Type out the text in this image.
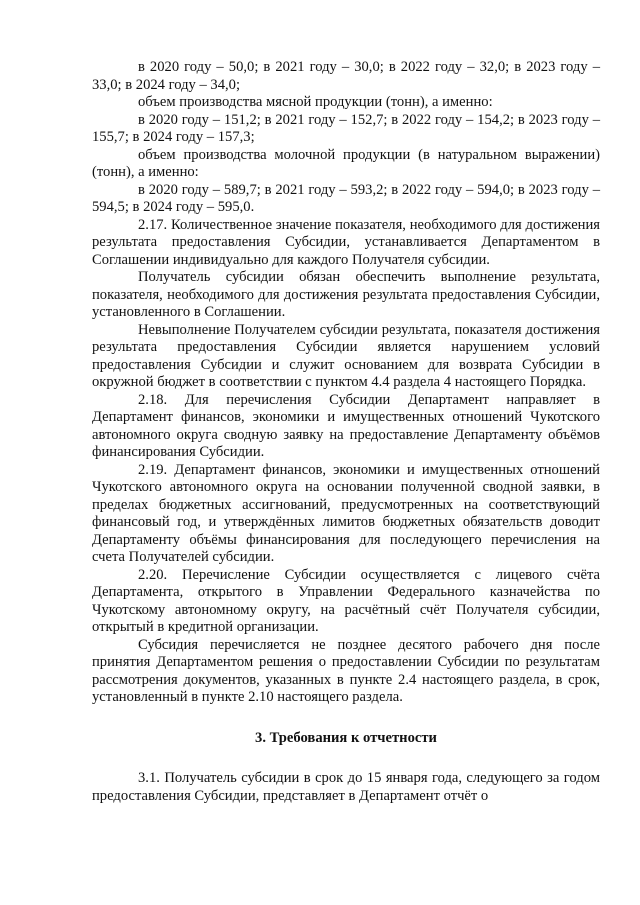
в 2020 году – 50,0; в 2021 году – 30,0; в 2022 году – 32,0; в 2023 году – 33,0; в 2024 году – 34,0;

объем производства мясной продукции (тонн), а именно:

в 2020 году – 151,2; в 2021 году – 152,7; в 2022 году – 154,2; в 2023 году – 155,7; в 2024 году – 157,3;

объем производства молочной продукции (в натуральном выражении) (тонн), а именно:

в 2020 году – 589,7; в 2021 году – 593,2; в 2022 году – 594,0; в 2023 году – 594,5; в 2024 году – 595,0.

2.17. Количественное значение показателя, необходимого для достижения результата предоставления Субсидии, устанавливается Департаментом в Соглашении индивидуально для каждого Получателя субсидии.

Получатель субсидии обязан обеспечить выполнение результата, показателя, необходимого для достижения результата предоставления Субсидии, установленного в Соглашении.

Невыполнение Получателем субсидии результата, показателя достижения результата предоставления Субсидии является нарушением условий предоставления Субсидии и служит основанием для возврата Субсидии в окружной бюджет в соответствии с пунктом 4.4 раздела 4 настоящего Порядка.

2.18. Для перечисления Субсидии Департамент направляет в Департамент финансов, экономики и имущественных отношений Чукотского автономного округа сводную заявку на предоставление Департаменту объёмов финансирования Субсидии.

2.19. Департамент финансов, экономики и имущественных отношений Чукотского автономного округа на основании полученной сводной заявки, в пределах бюджетных ассигнований, предусмотренных на соответствующий финансовый год, и утверждённых лимитов бюджетных обязательств доводит Департаменту объёмы финансирования для последующего перечисления на счета Получателей субсидии.

2.20. Перечисление Субсидии осуществляется с лицевого счёта Департамента, открытого в Управлении Федерального казначейства по Чукотскому автономному округу, на расчётный счёт Получателя субсидии, открытый в кредитной организации.

Субсидия перечисляется не позднее десятого рабочего дня после принятия Департаментом решения о предоставлении Субсидии по результатам рассмотрения документов, указанных в пункте 2.4 настоящего раздела, в срок, установленный в пункте 2.10 настоящего раздела.

3. Требования к отчетности

3.1. Получатель субсидии в срок до 15 января года, следующего за годом предоставления Субсидии, представляет в Департамент отчёт о
